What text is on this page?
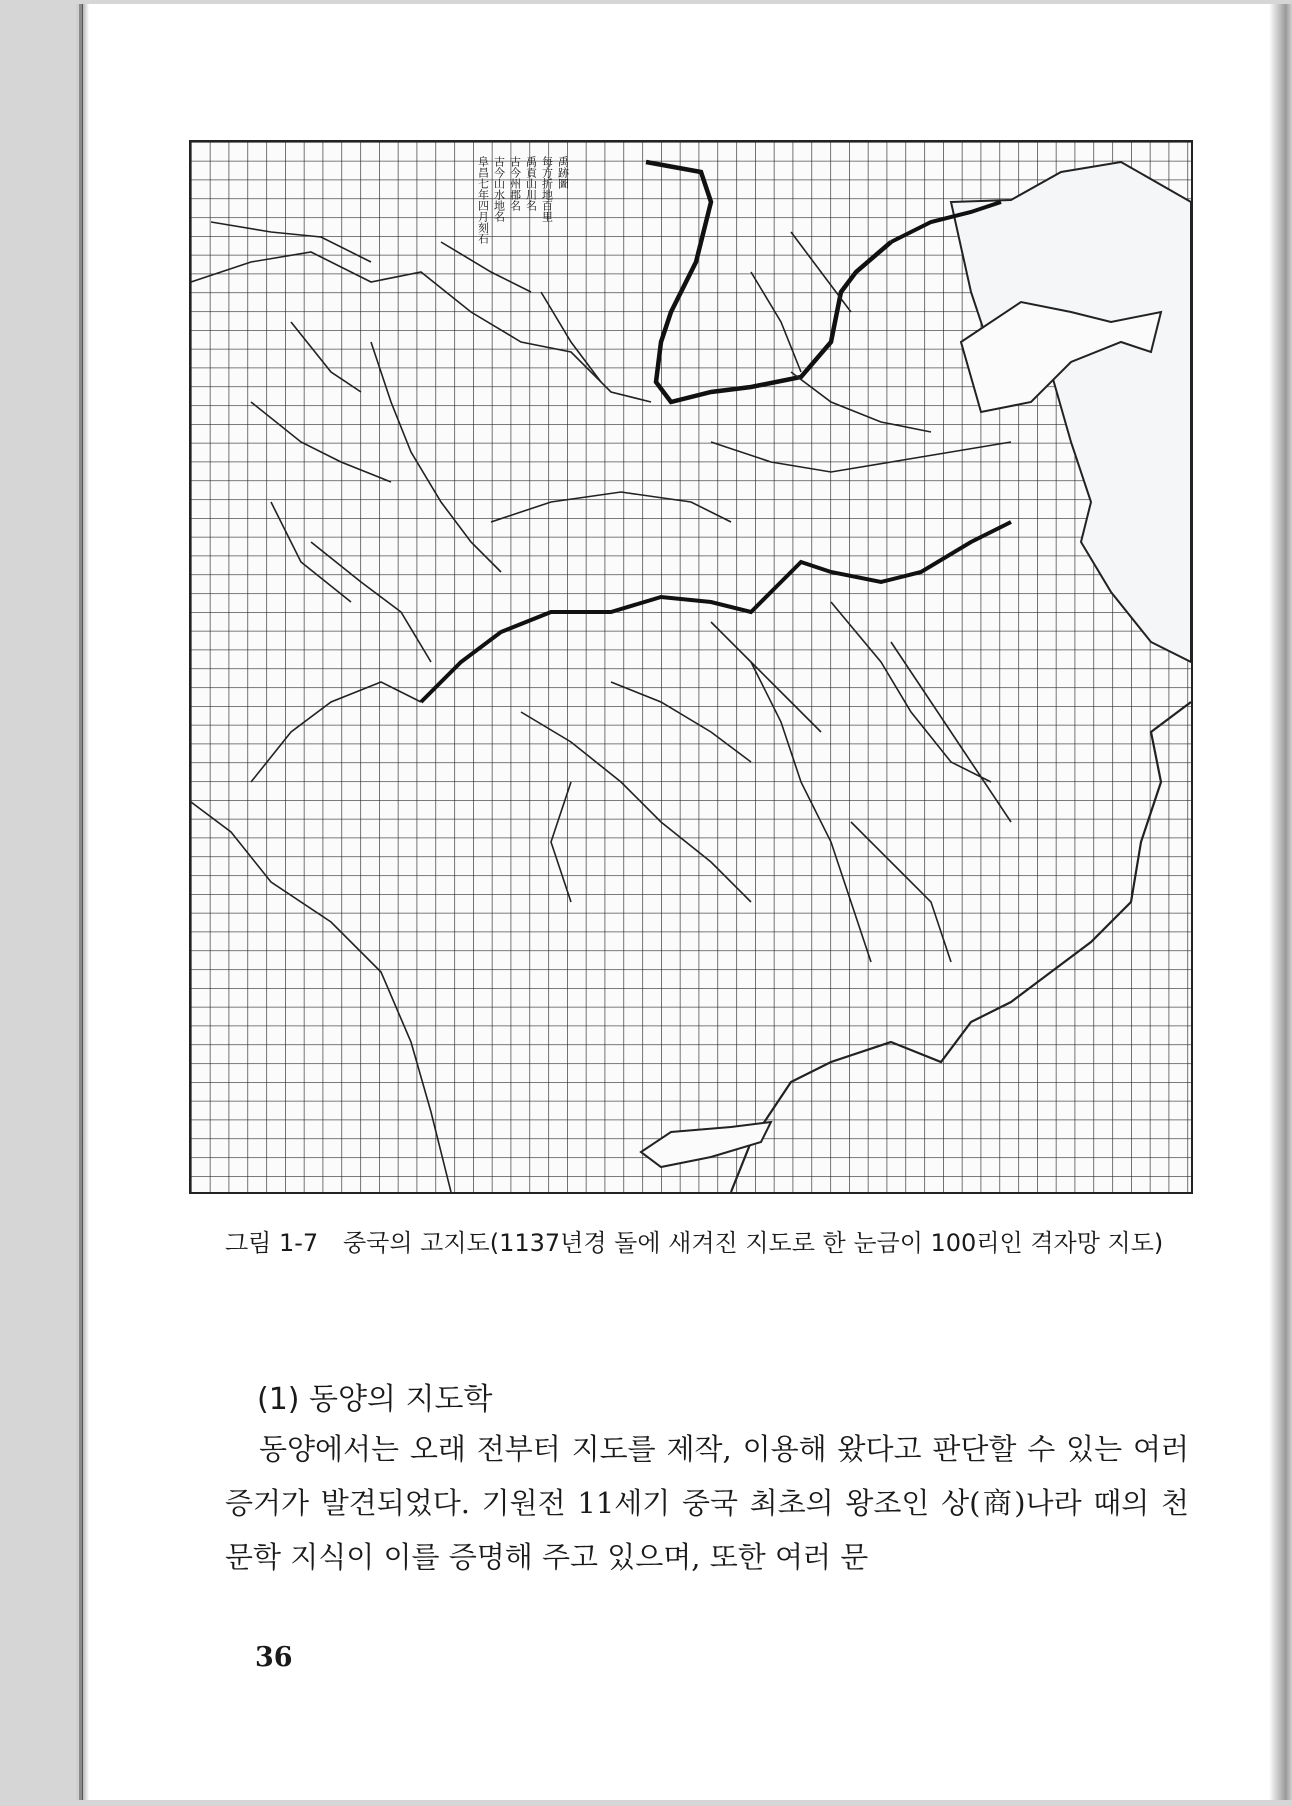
禹跡圖
每方折地百里
禹貢山川名
古今州郡名
古今山水地名
阜昌七年四月刻石
그림 1-7 중국의 고지도(1137년경 돌에 새겨진 지도로 한 눈금이 100리인 격자망 지도)
(1) 동양의 지도학
동양에서는 오래 전부터 지도를 제작, 이용해 왔다고 판단할 수 있는 여러 증거가 발견되었다. 기원전 11세기 중국 최초의 왕조인 상(商)나라 때의 천문학 지식이 이를 증명해 주고 있으며, 또한 여러 문
36
